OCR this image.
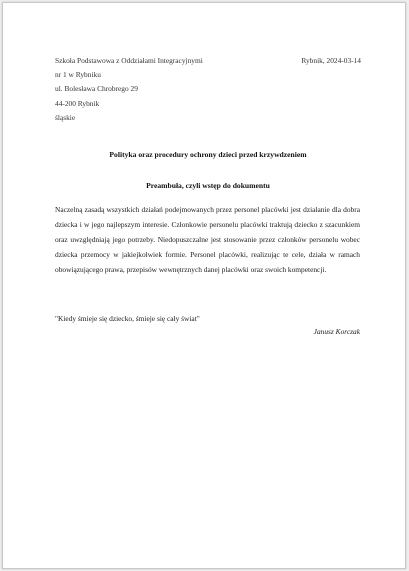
Szkoła Podstawowa z Oddziałami Integracyjnymi	Rybnik, 2024-03-14
nr 1 w Rybniku
ul. Bolesława Chrobrego 29
44-200 Rybnik
śląskie
Polityka oraz procedury ochrony dzieci przed krzywdzeniem
Preambuła, czyli wstęp do dokumentu
Naczelną zasadą wszystkich działań podejmowanych przez personel placówki jest działanie dla dobra dziecka i w jego najlepszym interesie. Członkowie personelu placówki traktują dziecko z szacunkiem oraz uwzględniają jego potrzeby. Niedopuszczalne jest stosowanie przez członków personelu wobec dziecka przemocy w jakiejkolwiek formie. Personel placówki, realizując te cele, działa w ramach obowiązującego prawa, przepisów wewnętrznych danej placówki oraz swoich kompetencji.
"Kiedy śmieje się dziecko, śmieje się cały świat"
Janusz Korczak
